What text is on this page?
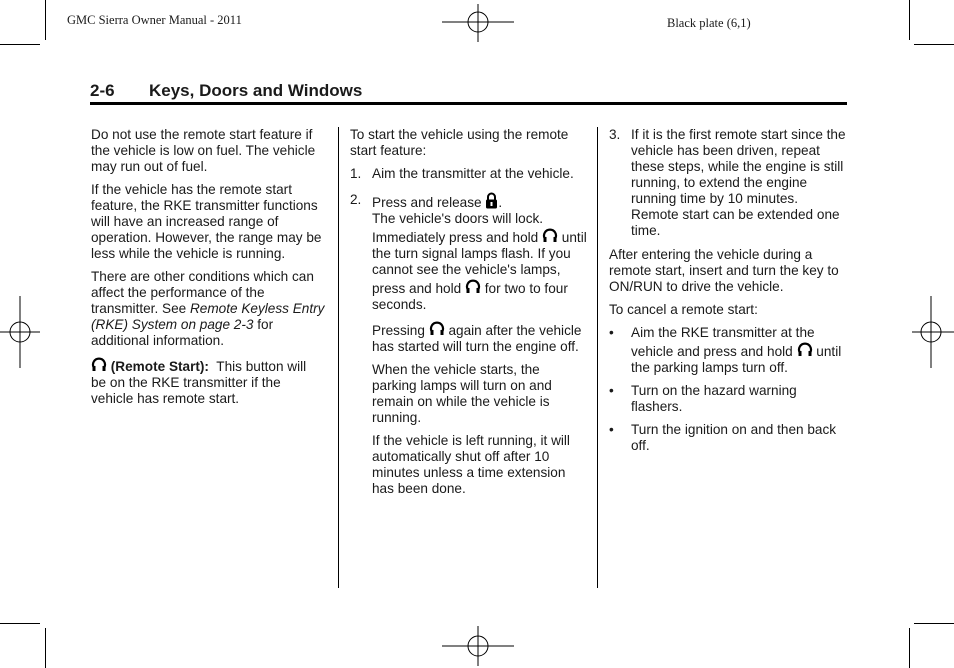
GMC Sierra Owner Manual - 2011	Black plate (6,1)
2-6 Keys, Doors and Windows

Do not use the remote start feature if the vehicle is low on fuel. The vehicle may run out of fuel.

If the vehicle has the remote start feature, the RKE transmitter functions will have an increased range of operation. However, the range may be less while the vehicle is running.

There are other conditions which can affect the performance of the transmitter. See Remote Keyless Entry (RKE) System on page 2-3 for additional information.

(Remote Start): This button will be on the RKE transmitter if the vehicle has remote start.

To start the vehicle using the remote start feature:

1. Aim the transmitter at the vehicle.
2. Press and release .
The vehicle's doors will lock. Immediately press and hold until the turn signal lamps flash. If you cannot see the vehicle's lamps, press and hold for two to four seconds.
Pressing again after the vehicle has started will turn the engine off.
When the vehicle starts, the parking lamps will turn on and remain on while the vehicle is running.
If the vehicle is left running, it will automatically shut off after 10 minutes unless a time extension has been done.
3. If it is the first remote start since the vehicle has been driven, repeat these steps, while the engine is still running, to extend the engine running time by 10 minutes. Remote start can be extended one time.

After entering the vehicle during a remote start, insert and turn the key to ON/RUN to drive the vehicle.

To cancel a remote start:

• Aim the RKE transmitter at the vehicle and press and hold until the parking lamps turn off.
• Turn on the hazard warning flashers.
• Turn the ignition on and then back off.
